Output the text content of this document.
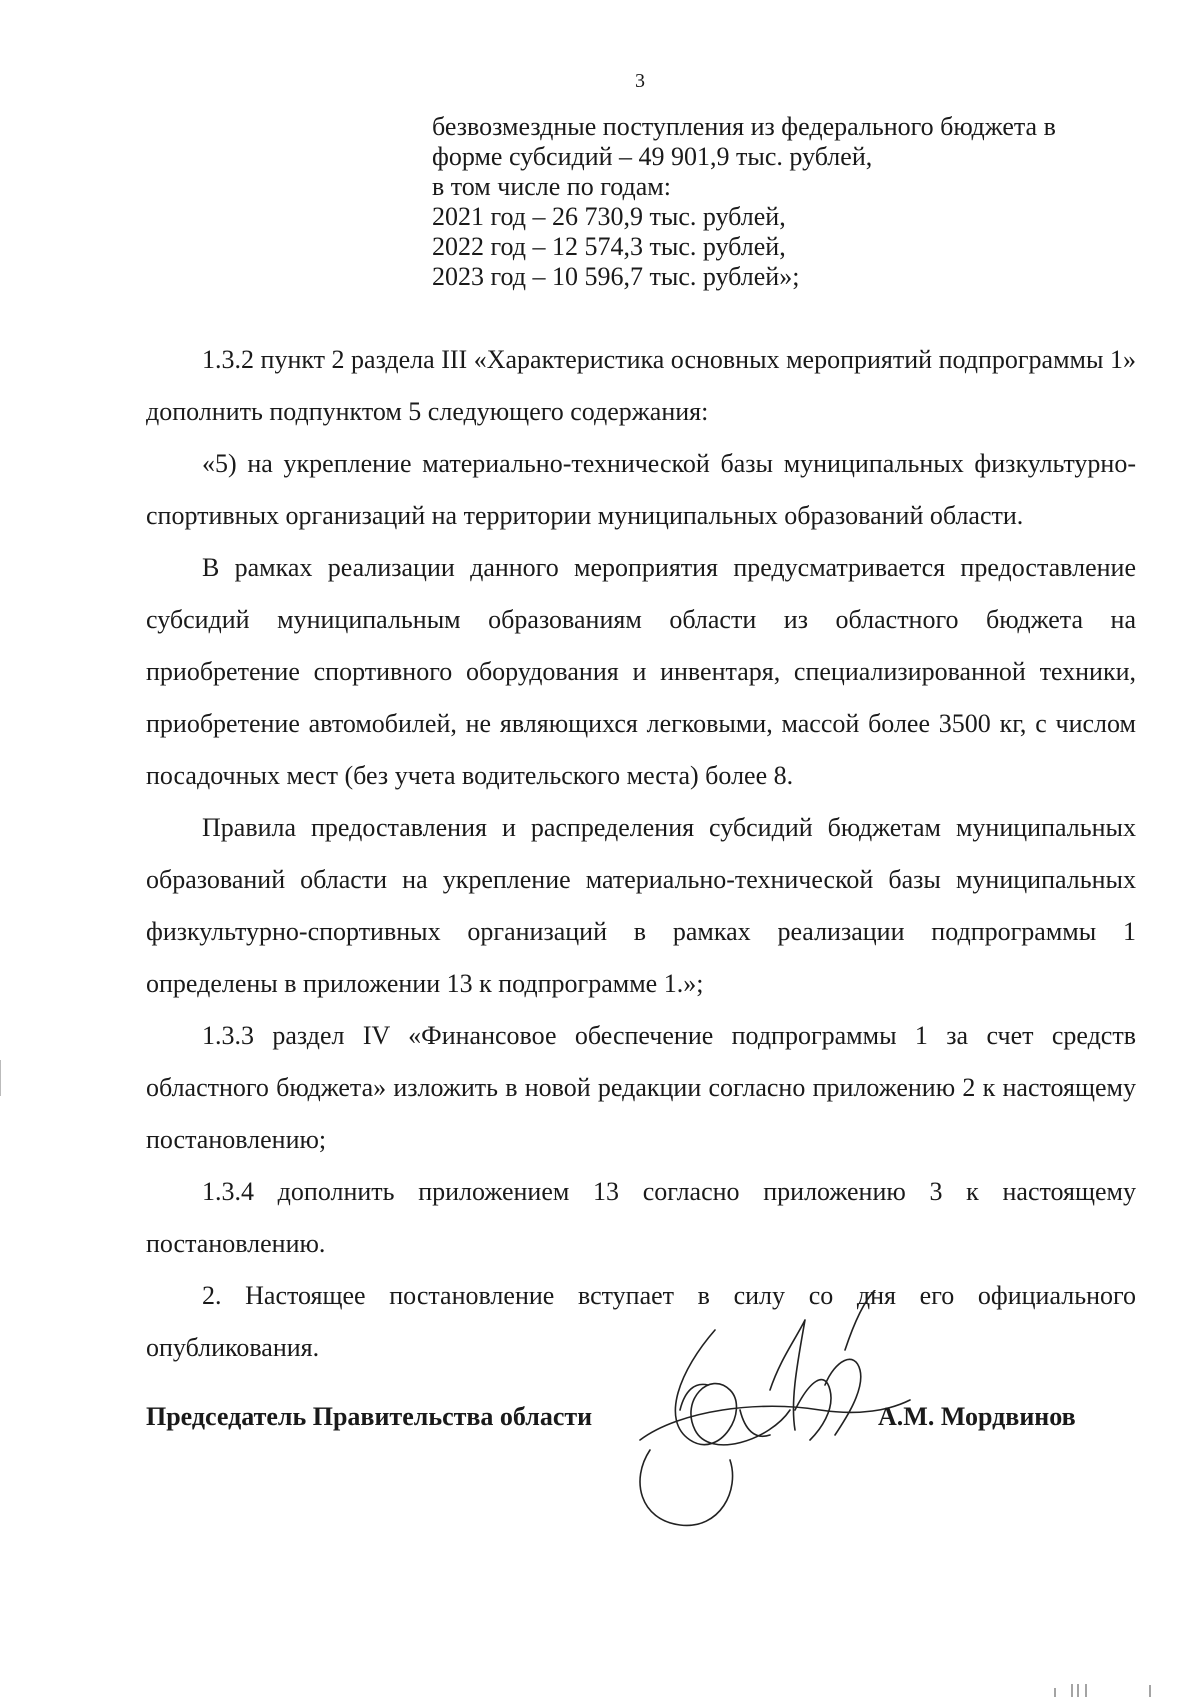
3
безвозмездные поступления из федерального бюджета в
форме субсидий – 49 901,9 тыс. рублей,
в том числе по годам:
2021 год – 26 730,9 тыс. рублей,
2022 год – 12 574,3 тыс. рублей,
2023 год – 10 596,7 тыс. рублей»;

1.3.2 пункт 2 раздела III «Характеристика основных мероприятий подпрограммы 1» дополнить подпунктом 5 следующего содержания:

«5) на укрепление материально-технической базы муниципальных физкультурно-спортивных организаций на территории муниципальных образований области.

В рамках реализации данного мероприятия предусматривается предоставление субсидий муниципальным образованиям области из областного бюджета на приобретение спортивного оборудования и инвентаря, специализированной техники, приобретение автомобилей, не являющихся легковыми, массой более 3500 кг, с числом посадочных мест (без учета водительского места) более 8.

Правила предоставления и распределения субсидий бюджетам муниципальных образований области на укрепление материально-технической базы муниципальных физкультурно-спортивных организаций в рамках реализации подпрограммы 1 определены в приложении 13 к подпрограмме 1.»;

1.3.3 раздел IV «Финансовое обеспечение подпрограммы 1 за счет средств областного бюджета» изложить в новой редакции согласно приложению 2 к настоящему постановлению;

1.3.4 дополнить приложением 13 согласно приложению 3 к настоящему постановлению.

2. Настоящее постановление вступает в силу со дня его официального опубликования.

Председатель Правительства области	А.М. Мордвинов
